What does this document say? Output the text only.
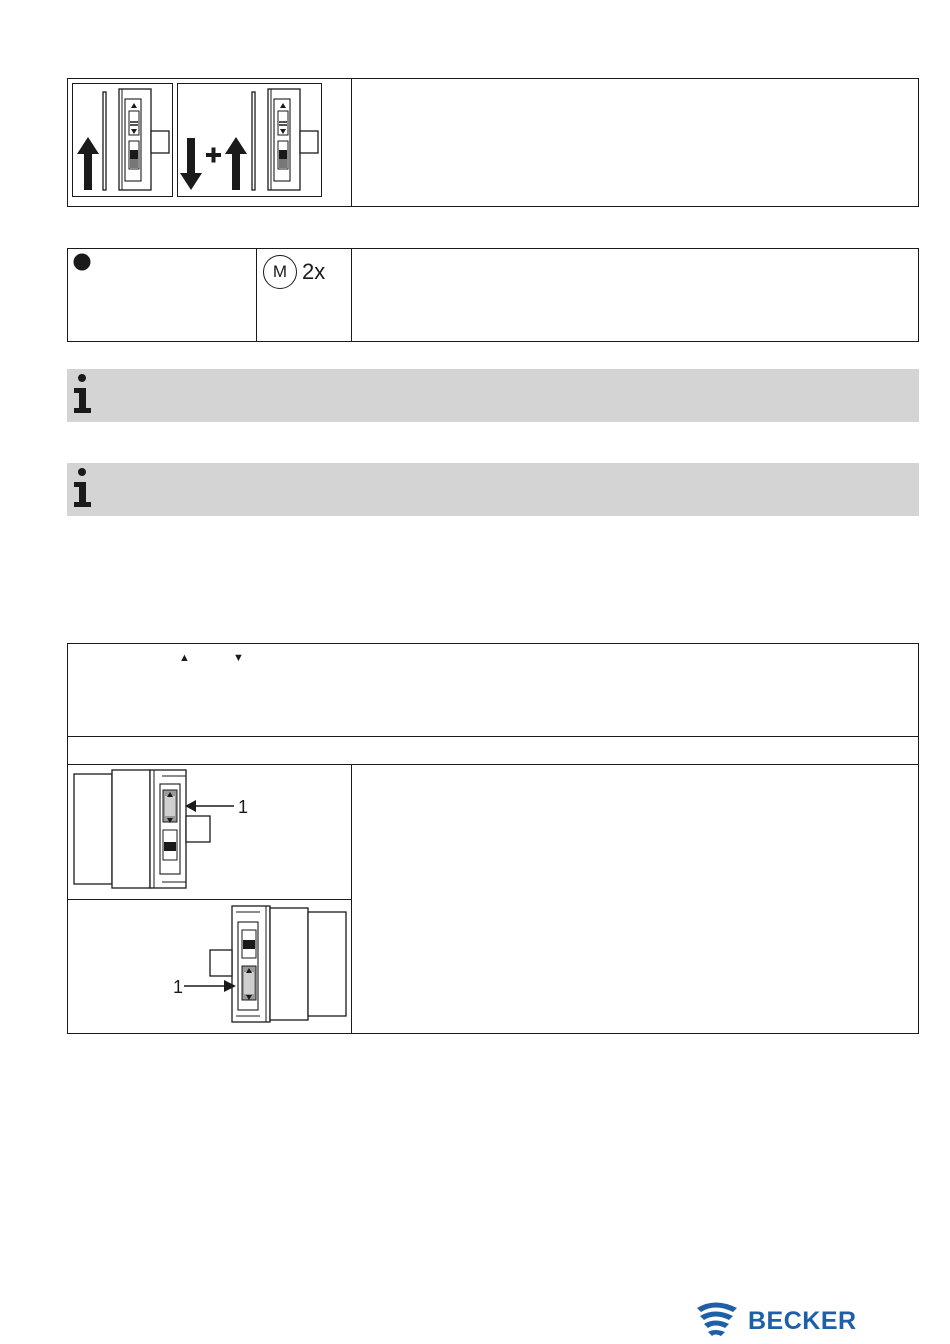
M 2x
▲	▼
1
1
BECKER
